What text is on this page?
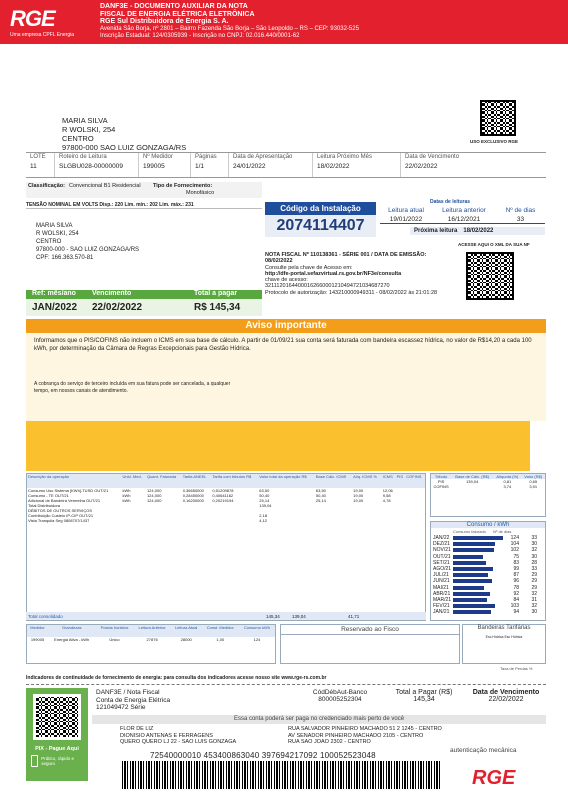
RGE
Uma empresa CPFL Energia
DANF3E - DOCUMENTO AUXILIAR DA NOTA
FISCAL DE ENERGIA ELÉTRICA ELETRÔNICA
RGE Sul Distribuidora de Energia S. A.
Avenida São Borja, nº 2801 – Bairro Fazenda São Borja – São Leopoldo – RS – CEP: 93032-525
Inscrição Estadual: 124/0305939 - Inscrição no CNPJ: 02.016.440/0001-62
MARIA SILVA
R WOLSKI, 254
CENTRO
97800-000 SAO LUIZ GONZAGA/RS
USO EXCLUSIVO RGE
LOTE
11
Roteiro de Leitura
SLGBU028-00000009
Nº Medidor
199005
Páginas
1/1
Data de Apresentação
24/01/2022
Leitura Próximo Mês
18/02/2022
Data de Vencimento
22/02/2022
Classificação: Convencional B1 Residencial	Tipo de Fornecimento:
Monofásico
TENSÃO NOMINAL EM VOLTS Disp.: 220 Lim. mín.: 202 Lim. máx.: 231
MARIA SILVA
R WOLSKI, 254
CENTRO
97800-000 - SAO LUIZ GONZAGA/RS
CPF: 166.363.570-81
Código da Instalação
2074114407
Datas de leituras
Leitura atual	Leitura anterior	Nº de dias
19/01/2022	16/12/2021	33
Próxima leitura 18/02/2022
ACESSE AQUI O XML DA SUA NF
NOTA FISCAL Nº 110138361 - SÉRIE 001 / DATA DE EMISSÃO:
08/02/2022
Consulte pela chave de Acesso em:
http://dfe-portal.sefazvirtual.rs.gov.br/NF3e/consulta
chave de acesso:
32111201644000162660001210494721034687270
Protocolo de autorização: 143210000949311 - 08/02/2022 às 21:01:28
Ref: mês/ano	Vencimento	Total a pagar
JAN/2022	22/02/2022	R$ 145,34
Aviso importante
Informamos que o PIS/COFINS não incluem o ICMS em sua base de cálculo. A partir de 01/09/21 sua conta será faturada com bandeira escassez hídrica, no valor de R$14,20 a cada 100 kWh, por determinação da Câmara de Regras Excepcionais para Gestão Hídrica.
A cobrança do serviço de terceiro incluída em sua fatura pode ser cancelada, a qualquer tempo, em nossos canais de atendimento.
Descrição da operação	Unid. Med.	Quant. Faturada	Tarifa ANEEL	Tarifa com tributos R$	Valor total da operação R$	Base Cálc. ICMS	Alíq. ICMS %	ICMS	PIS	COFINS
Consumo Uso Sistema [KWh]-TUSD OUT/21	kWh	124,000	0,36650000	0,51209878	63,50	63,50	19,00	12,06		
Consumo - TE OUT/21	kWh	124,000	0,28450000	0,40641162	50,40	50,40	19,00	9,58		
Adicional de Bandeira Vermelha OUT/21	kWh	124,000	0,16200000	0,20219194	25,14	25,14	19,00	4,78		
Total Distribuidora					139,04					
DÉBITOS DE OUTROS SERVIÇOS										
Contribuição Custeio IP-CIP OUT/21					2,18					
Vista Tranquila Seg 0808707/1437					4,12					
Total consolidado	145,34	139,04	41,71
Tributo	Base de Cálc. (R$)	Alíquota (%)	Valor (R$)
PIS	139,04	0,81	0,65
COFINS		3,74	3,91
Consumo / kWh
Consumo faturado	Nº de dias
JAN/22	124	33
DEZ/21	104	30
NOV/21	102	32
OUT/21	75	30
SET/21	83	28
AGO/21	99	33
JUL/21	87	29
JUN/21	96	29
MAI/21	78	29
ABR/21	92	32
MAR/21	84	31
FEV/21	103	32
JAN/21	94	30
Medidor	Grandezas	Postos horários	Leitura Anterior	Leitura Atual	Const. Medidor	Consumo kWh
199005	Energia Ativa - kWh	Único	27876	28000	1,00	124
Reservado ao Fisco	Bandeiras Tarifárias
Esc Hídrica Esc Hídrica
Taxa de Perdas %
Indicadores de continuidade de fornecimento de energia: para consulta dos indicadores acesse nosso site www.rge-rs.com.br
PIX - Pague Aqui
Prático, rápido e seguro
DANF3E / Nota Fiscal
Conta de Energia Elétrica
121049472 Série
CódDébAut-Banco
800005252304
Total a Pagar (R$)
145,34
Data de Vencimento
22/02/2022
Essa conta poderá ser paga no credenciado mais perto de você
FLOR DE LIZ	RUA SALVADOR PINHEIRO MACHADO 51 2 1245 - CENTRO
DIONISIO ANTENAS E FERRAGENS	AV SENADOR PINHEIRO MACHADO 2105 - CENTRO
QUERO QUERO LJ 22 - SAO LUIS GONZAGA	RUA SAO JOAO 2302 - CENTRO
72540000010 453400863040 397694217092 100052523048
autenticação mecânica
RGE
